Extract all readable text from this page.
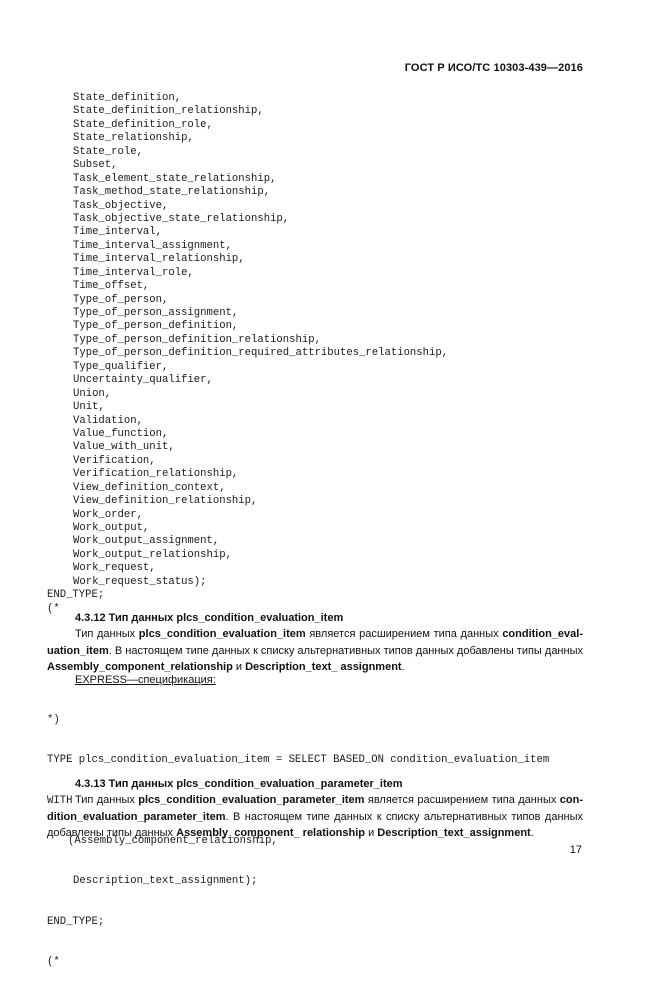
ГОСТ Р ИСО/ТС 10303-439—2016
State_definition,
State_definition_relationship,
State_definition_role,
State_relationship,
State_role,
Subset,
Task_element_state_relationship,
Task_method_state_relationship,
Task_objective,
Task_objective_state_relationship,
Time_interval,
Time_interval_assignment,
Time_interval_relationship,
Time_interval_role,
Time_offset,
Type_of_person,
Type_of_person_assignment,
Type_of_person_definition,
Type_of_person_definition_relationship,
Type_of_person_definition_required_attributes_relationship,
Type_qualifier,
Uncertainty_qualifier,
Union,
Unit,
Validation,
Value_function,
Value_with_unit,
Verification,
Verification_relationship,
View_definition_context,
View_definition_relationship,
Work_order,
Work_output,
Work_output_assignment,
Work_output_relationship,
Work_request,
Work_request_status);
END_TYPE;
(*
4.3.12 Тип данных plcs_condition_evaluation_item
Тип данных plcs_condition_evaluation_item является расширением типа данных condition_eval-uation_item. В настоящем типе данных к списку альтернативных типов данных добавлены типы данных Assembly_component_relationship и Description_text_ assignment.
EXPRESS—спецификация:

*)

TYPE plcs_condition_evaluation_item = SELECT BASED_ON condition_evaluation_item

WITH

(Assembly_component_relationship,

Description_text_assignment);

END_TYPE;

(*

4.3.13 Тип данных plcs_condition_evaluation_parameter_item
Тип данных plcs_condition_evaluation_parameter_item является расширением типа данных con-dition_evaluation_parameter_item. В настоящем типе данных к списку альтернативных типов данных добавлены типы данных Assembly_component_ relationship и Description_text_assignment.
17
